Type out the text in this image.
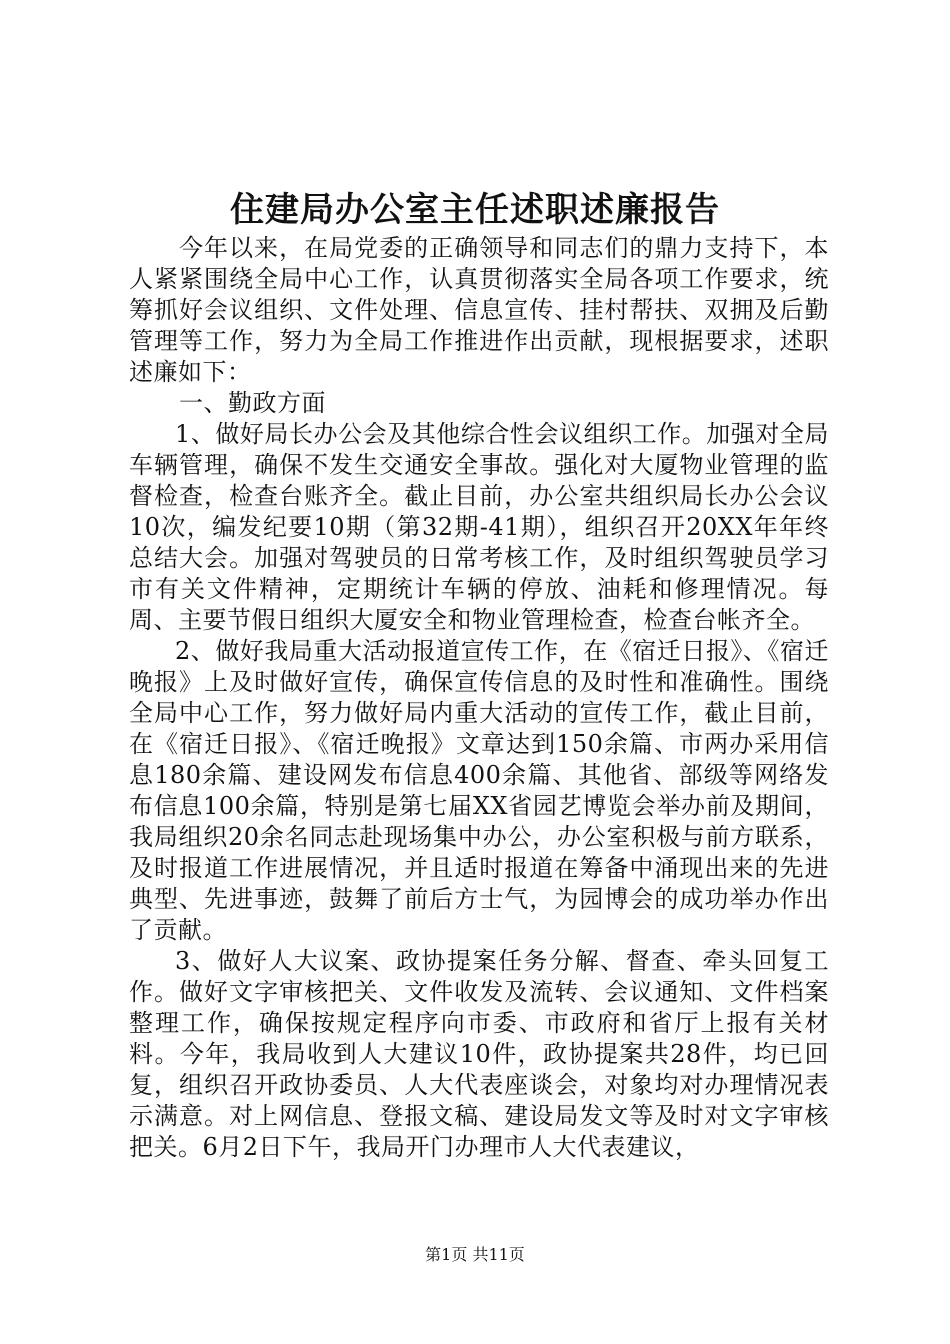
住建局办公室主任述职述廉报告

今年以来，在局党委的正确领导和同志们的鼎力支持下，本人紧紧围绕全局中心工作，认真贯彻落实全局各项工作要求，统筹抓好会议组织、文件处理、信息宣传、挂村帮扶、双拥及后勤管理等工作，努力为全局工作推进作出贡献，现根据要求，述职述廉如下：

一、勤政方面

1、做好局长办公会及其他综合性会议组织工作。加强对全局车辆管理，确保不发生交通安全事故。强化对大厦物业管理的监督检查，检查台账齐全。截止目前，办公室共组织局长办公会议10次，编发纪要10期（第32期-41期），组织召开20XX年年终总结大会。加强对驾驶员的日常考核工作，及时组织驾驶员学习市有关文件精神，定期统计车辆的停放、油耗和修理情况。每周、主要节假日组织大厦安全和物业管理检查，检查台帐齐全。

2、做好我局重大活动报道宣传工作，在《宿迁日报》、《宿迁晚报》上及时做好宣传，确保宣传信息的及时性和准确性。围绕全局中心工作，努力做好局内重大活动的宣传工作，截止目前，在《宿迁日报》、《宿迁晚报》文章达到150余篇、市两办采用信息180余篇、建设网发布信息400余篇、其他省、部级等网络发布信息100余篇，特别是第七届XX省园艺博览会举办前及期间，我局组织20余名同志赴现场集中办公，办公室积极与前方联系，及时报道工作进展情况，并且适时报道在筹备中涌现出来的先进典型、先进事迹，鼓舞了前后方士气，为园博会的成功举办作出了贡献。

3、做好人大议案、政协提案任务分解、督查、牵头回复工作。做好文字审核把关、文件收发及流转、会议通知、文件档案整理工作，确保按规定程序向市委、市政府和省厅上报有关材料。今年，我局收到人大建议10件，政协提案共28件，均已回复，组织召开政协委员、人大代表座谈会，对象均对办理情况表示满意。对上网信息、登报文稿、建设局发文等及时对文字审核把关。6月2日下午，我局开门办理市人大代表建议，

第1页 共11页
